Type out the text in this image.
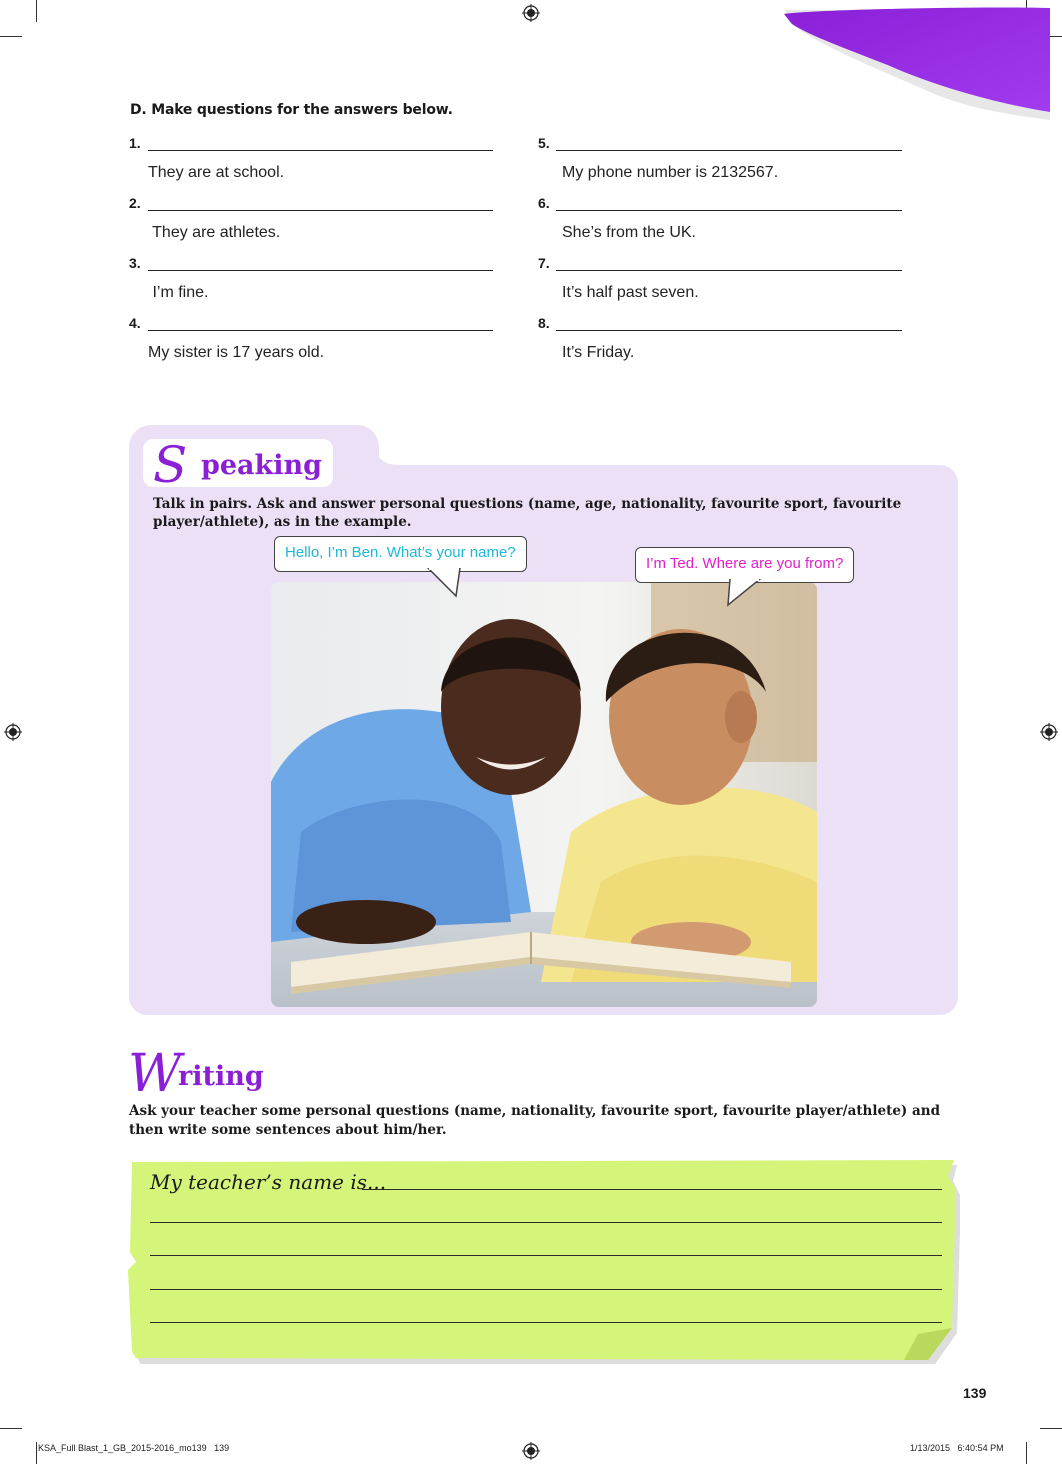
D. Make questions for the answers below.
1.
They are at school.
2.
They are athletes.
3.
I’m fine.
4.
My sister is 17 years old.
5.
My phone number is 2132567.
6.
She’s from the UK.
7.
It’s half past seven.
8.
It’s Friday.
S peaking
Talk in pairs. Ask and answer personal questions (name, age, nationality, favourite sport, favourite player/athlete), as in the example.
Hello, I’m Ben. What’s your name?
I’m Ted. Where are you from?
W
riting
Ask your teacher some personal questions (name, nationality, favourite sport, favourite player/athlete) and then write some sentences about him/her.
My teacher’s name is...
139
KSA_Full Blast_1_GB_2015-2016_mo139   139	1/13/2015   6:40:54 PM
